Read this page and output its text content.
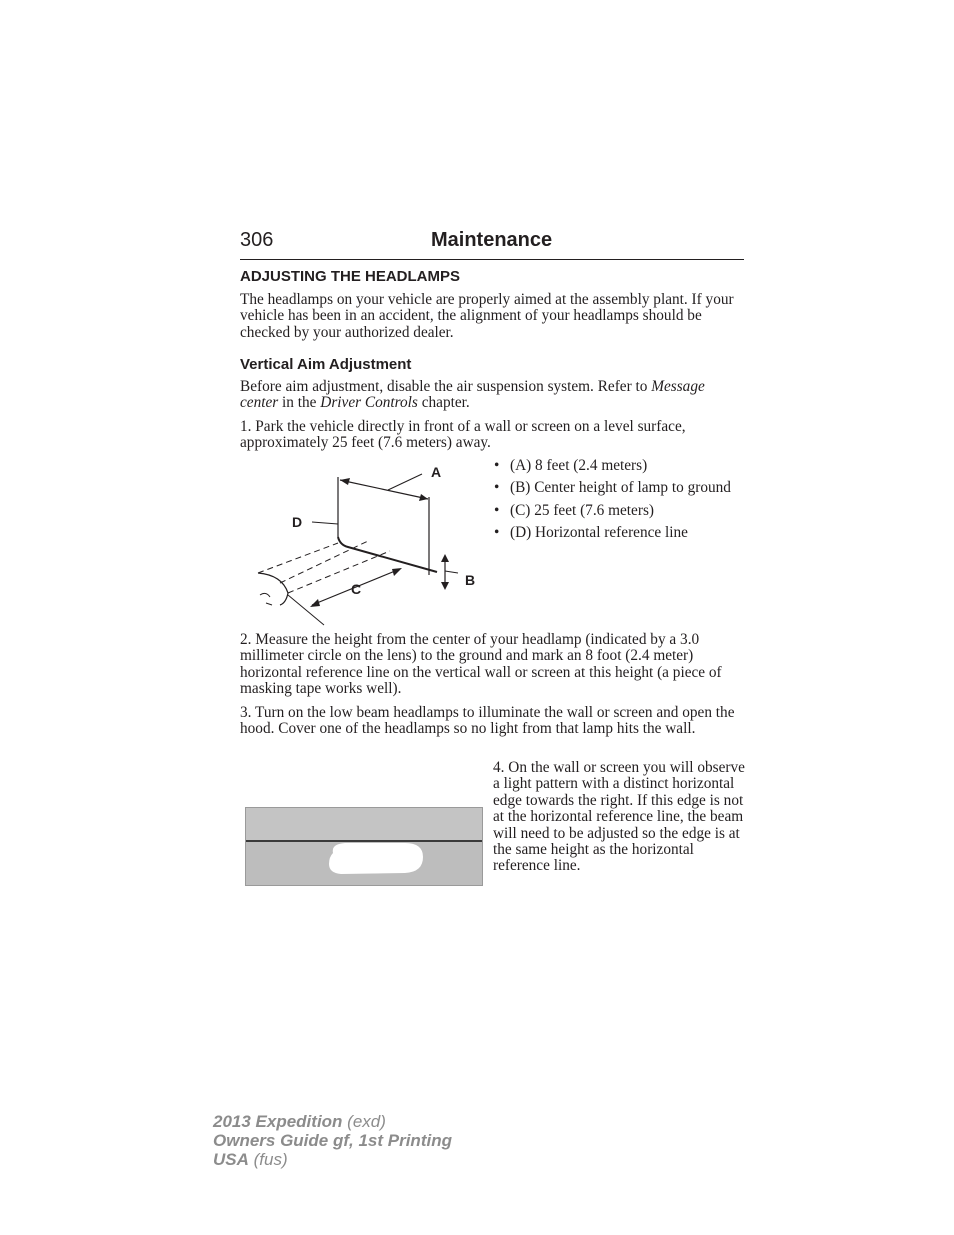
306	Maintenance
ADJUSTING THE HEADLAMPS
The headlamps on your vehicle are properly aimed at the assembly plant. If your vehicle has been in an accident, the alignment of your headlamps should be checked by your authorized dealer.
Vertical Aim Adjustment
Before aim adjustment, disable the air suspension system. Refer to Message center in the Driver Controls chapter.
1. Park the vehicle directly in front of a wall or screen on a level surface, approximately 25 feet (7.6 meters) away.
A
D
C
B
• (A) 8 feet (2.4 meters)
• (B) Center height of lamp to ground
• (C) 25 feet (7.6 meters)
• (D) Horizontal reference line
2. Measure the height from the center of your headlamp (indicated by a 3.0 millimeter circle on the lens) to the ground and mark an 8 foot (2.4 meter) horizontal reference line on the vertical wall or screen at this height (a piece of masking tape works well).
3. Turn on the low beam headlamps to illuminate the wall or screen and open the hood. Cover one of the headlamps so no light from that lamp hits the wall.
4. On the wall or screen you will observe a light pattern with a distinct horizontal edge towards the right. If this edge is not at the horizontal reference line, the beam will need to be adjusted so the edge is at the same height as the horizontal reference line.
2013 Expedition (exd)
Owners Guide gf, 1st Printing
USA (fus)
